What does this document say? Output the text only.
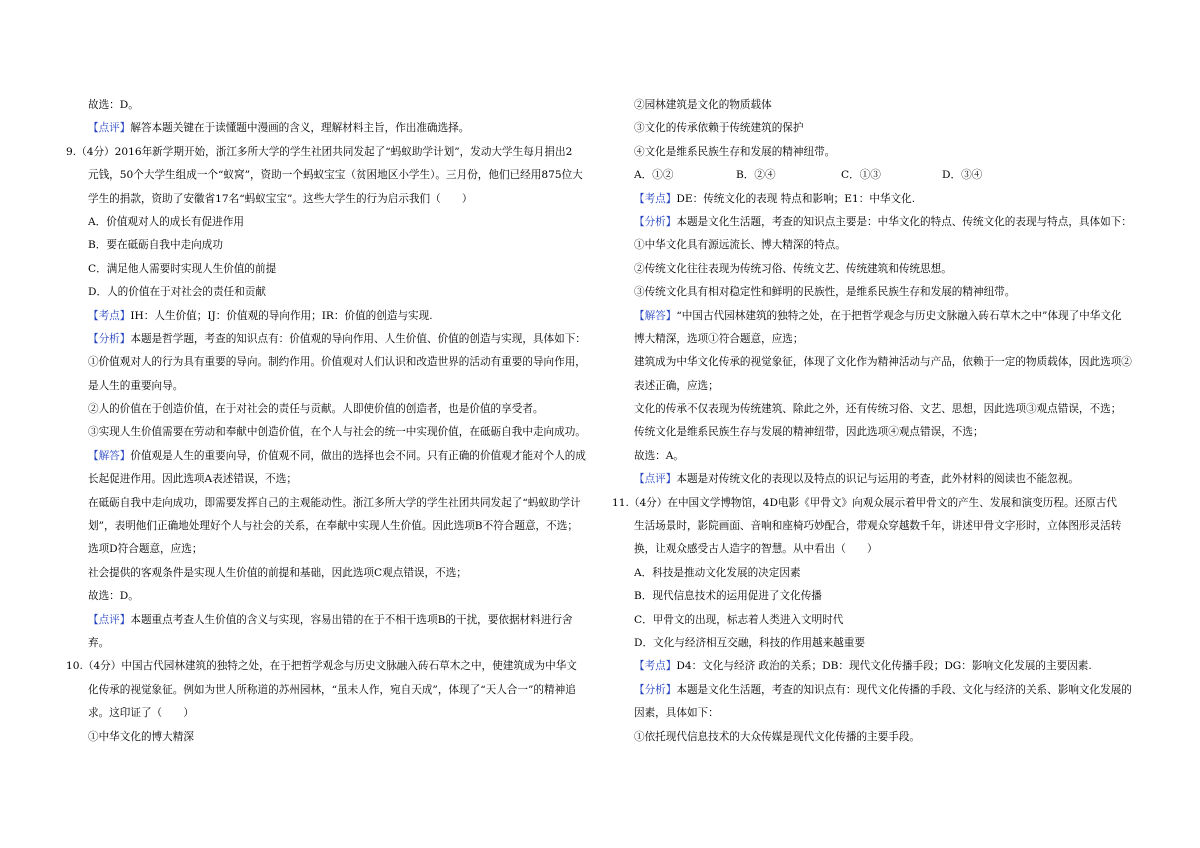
故选：D。
【点评】解答本题关键在于读懂题中漫画的含义，理解材料主旨，作出准确选择。
9.（4分）2016年新学期开始，浙江多所大学的学生社团共同发起了“蚂蚁助学计划”，发动大学生每月捐出2
元钱，50个大学生组成一个“蚁窝”，资助一个蚂蚁宝宝（贫困地区小学生）。三月份，他们已经用875位大
学生的捐款，资助了安徽省17名“蚂蚁宝宝”。这些大学生的行为启示我们（　　）
A．价值观对人的成长有促进作用
B．要在砥砺自我中走向成功
C．满足他人需要时实现人生价值的前提
D．人的价值在于对社会的责任和贡献
【考点】IH：人生价值；IJ：价值观的导向作用；IR：价值的创造与实现.
【分析】本题是哲学题，考查的知识点有：价值观的导向作用、人生价值、价值的创造与实现，具体如下：
①价值观对人的行为具有重要的导向。制约作用。价值观对人们认识和改造世界的活动有重要的导向作用，
是人生的重要向导。
②人的价值在于创造价值，在于对社会的责任与贡献。人即使价值的创造者，也是价值的享受者。
③实现人生价值需要在劳动和奉献中创造价值，在个人与社会的统一中实现价值，在砥砺自我中走向成功。
【解答】价值观是人生的重要向导，价值观不同，做出的选择也会不同。只有正确的价值观才能对个人的成
长起促进作用。因此选项A表述错误，不选；
在砥砺自我中走向成功，即需要发挥自己的主观能动性。浙江多所大学的学生社团共同发起了“蚂蚁助学计
划”，表明他们正确地处理好个人与社会的关系，在奉献中实现人生价值。因此选项B不符合题意，不选；
选项D符合题意，应选；
社会提供的客观条件是实现人生价值的前提和基础，因此选项C观点错误，不选；
故选：D。
【点评】本题重点考查人生价值的含义与实现，容易出错的在于不相干选项B的干扰，要依据材料进行舍
弃。
10.（4分）中国古代园林建筑的独特之处，在于把哲学观念与历史文脉融入砖石草木之中，使建筑成为中华文
化传承的视觉象征。例如为世人所称道的苏州园林，“虽未人作，宛自天成”，体现了“天人合一”的精神追
求。这印证了（　　）
①中华文化的博大精深
②园林建筑是文化的物质载体
③文化的传承依赖于传统建筑的保护
④文化是维系民族生存和发展的精神纽带。
A．①②	B．②④	C．①③	D．③④
【考点】DE：传统文化的表现 特点和影响；E1：中华文化.
【分析】本题是文化生活题，考查的知识点主要是：中华文化的特点、传统文化的表现与特点，具体如下：
①中华文化具有源远流长、博大精深的特点。
②传统文化往往表现为传统习俗、传统文艺、传统建筑和传统思想。
③传统文化具有相对稳定性和鲜明的民族性，是维系民族生存和发展的精神纽带。
【解答】“中国古代园林建筑的独特之处，在于把哲学观念与历史文脉融入砖石草木之中”体现了中华文化
博大精深，选项①符合题意，应选；
建筑成为中华文化传承的视觉象征，体现了文化作为精神活动与产品，依赖于一定的物质载体，因此选项②
表述正确，应选；
文化的传承不仅表现为传统建筑、除此之外，还有传统习俗、文艺、思想，因此选项③观点错误，不选；
传统文化是维系民族生存与发展的精神纽带，因此选项④观点错误，不选；
故选：A。
【点评】本题是对传统文化的表现以及特点的识记与运用的考查，此外材料的阅读也不能忽视。
11.（4分）在中国文学博物馆，4D电影《甲骨文》向观众展示着甲骨文的产生、发展和演变历程。还原古代
生活场景时，影院画面、音响和座椅巧妙配合，带观众穿越数千年，讲述甲骨文字形时，立体图形灵活转
换，让观众感受古人造字的智慧。从中看出（　　）
A．科技是推动文化发展的决定因素
B．现代信息技术的运用促进了文化传播
C．甲骨文的出现，标志着人类进入文明时代
D．文化与经济相互交融，科技的作用越来越重要
【考点】D4：文化与经济 政治的关系；DB：现代文化传播手段；DG：影响文化发展的主要因素.
【分析】本题是文化生活题，考查的知识点有：现代文化传播的手段、文化与经济的关系、影响文化发展的
因素，具体如下：
①依托现代信息技术的大众传媒是现代文化传播的主要手段。
